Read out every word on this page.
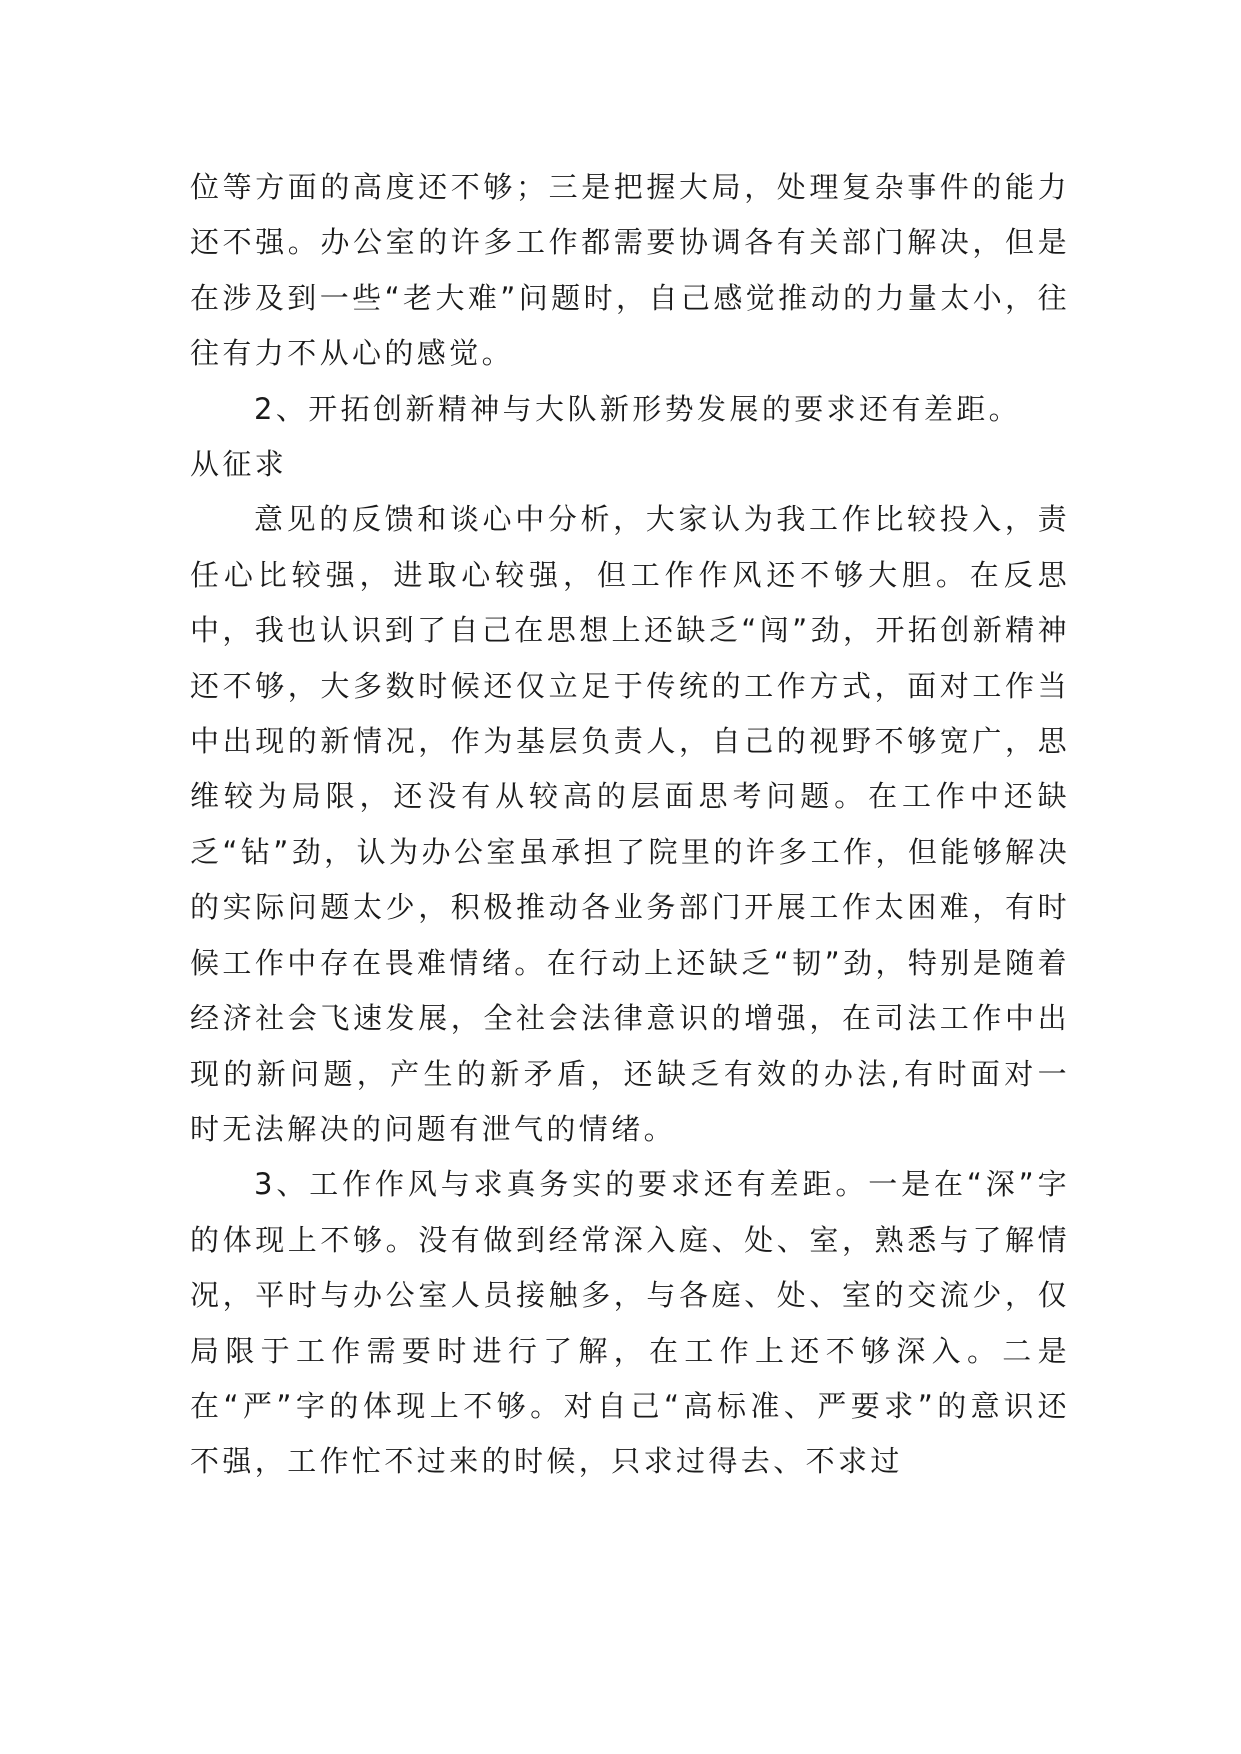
位等方面的高度还不够；三是把握大局，处理复杂事件的能力还不强。办公室的许多工作都需要协调各有关部门解决，但是在涉及到一些“老大难”问题时，自己感觉推动的力量太小，往往有力不从心的感觉。

2、开拓创新精神与大队新形势发展的要求还有差距。

从征求

意见的反馈和谈心中分析，大家认为我工作比较投入，责任心比较强，进取心较强，但工作作风还不够大胆。在反思中，我也认识到了自己在思想上还缺乏“闯”劲，开拓创新精神还不够，大多数时候还仅立足于传统的工作方式，面对工作当中出现的新情况，作为基层负责人，自己的视野不够宽广，思维较为局限，还没有从较高的层面思考问题。在工作中还缺乏“钻”劲，认为办公室虽承担了院里的许多工作，但能够解决的实际问题太少，积极推动各业务部门开展工作太困难，有时候工作中存在畏难情绪。在行动上还缺乏“韧”劲，特别是随着经济社会飞速发展，全社会法律意识的增强，在司法工作中出现的新问题，产生的新矛盾，还缺乏有效的办法,有时面对一时无法解决的问题有泄气的情绪。

3、工作作风与求真务实的要求还有差距。一是在“深”字的体现上不够。没有做到经常深入庭、处、室，熟悉与了解情况，平时与办公室人员接触多，与各庭、处、室的交流少，仅局限于工作需要时进行了解，在工作上还不够深入。二是在“严”字的体现上不够。对自己“高标准、严要求”的意识还不强，工作忙不过来的时候，只求过得去、不求过
